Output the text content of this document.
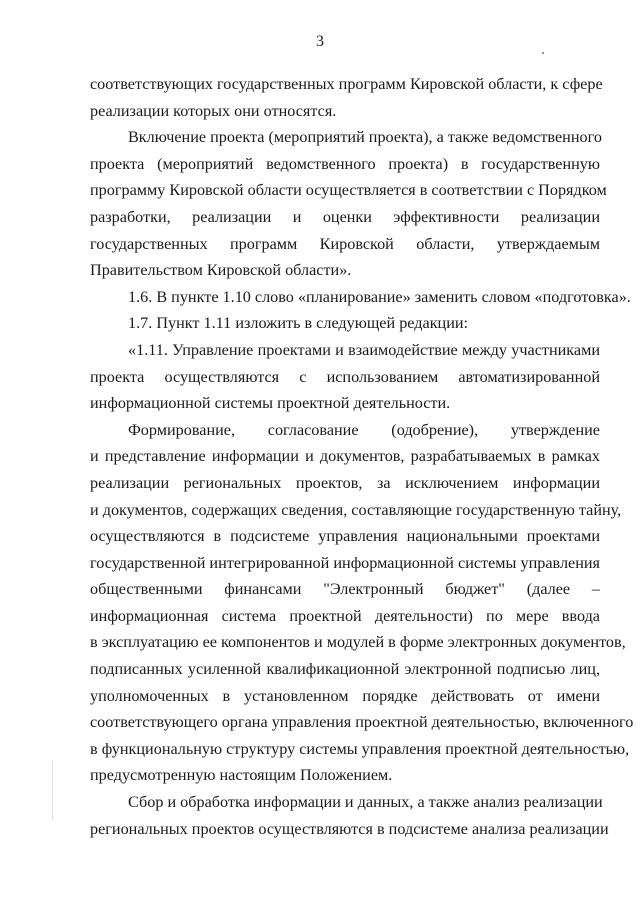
3
соответствующих государственных программ Кировской области, к сфере
реализации которых они относятся.
Включение проекта (мероприятий проекта), а также ведомственного
проекта (мероприятий ведомственного проекта) в государственную
программу Кировской области осуществляется в соответствии с Порядком
разработки, реализации и оценки эффективности реализации
государственных программ Кировской области, утверждаемым
Правительством Кировской области».
1.6. В пункте 1.10 слово «планирование» заменить словом «подготовка».
1.7. Пункт 1.11 изложить в следующей редакции:
«1.11. Управление проектами и взаимодействие между участниками
проекта осуществляются с использованием автоматизированной
информационной системы проектной деятельности.
Формирование, согласование (одобрение), утверждение
и представление информации и документов, разрабатываемых в рамках
реализации региональных проектов, за исключением информации
и документов, содержащих сведения, составляющие государственную тайну,
осуществляются в подсистеме управления национальными проектами
государственной интегрированной информационной системы управления
общественными финансами "Электронный бюджет" (далее –
информационная система проектной деятельности) по мере ввода
в эксплуатацию ее компонентов и модулей в форме электронных документов,
подписанных усиленной квалификационной электронной подписью лиц,
уполномоченных в установленном порядке действовать от имени
соответствующего органа управления проектной деятельностью, включенного
в функциональную структуру системы управления проектной деятельностью,
предусмотренную настоящим Положением.
Сбор и обработка информации и данных, а также анализ реализации
региональных проектов осуществляются в подсистеме анализа реализации
